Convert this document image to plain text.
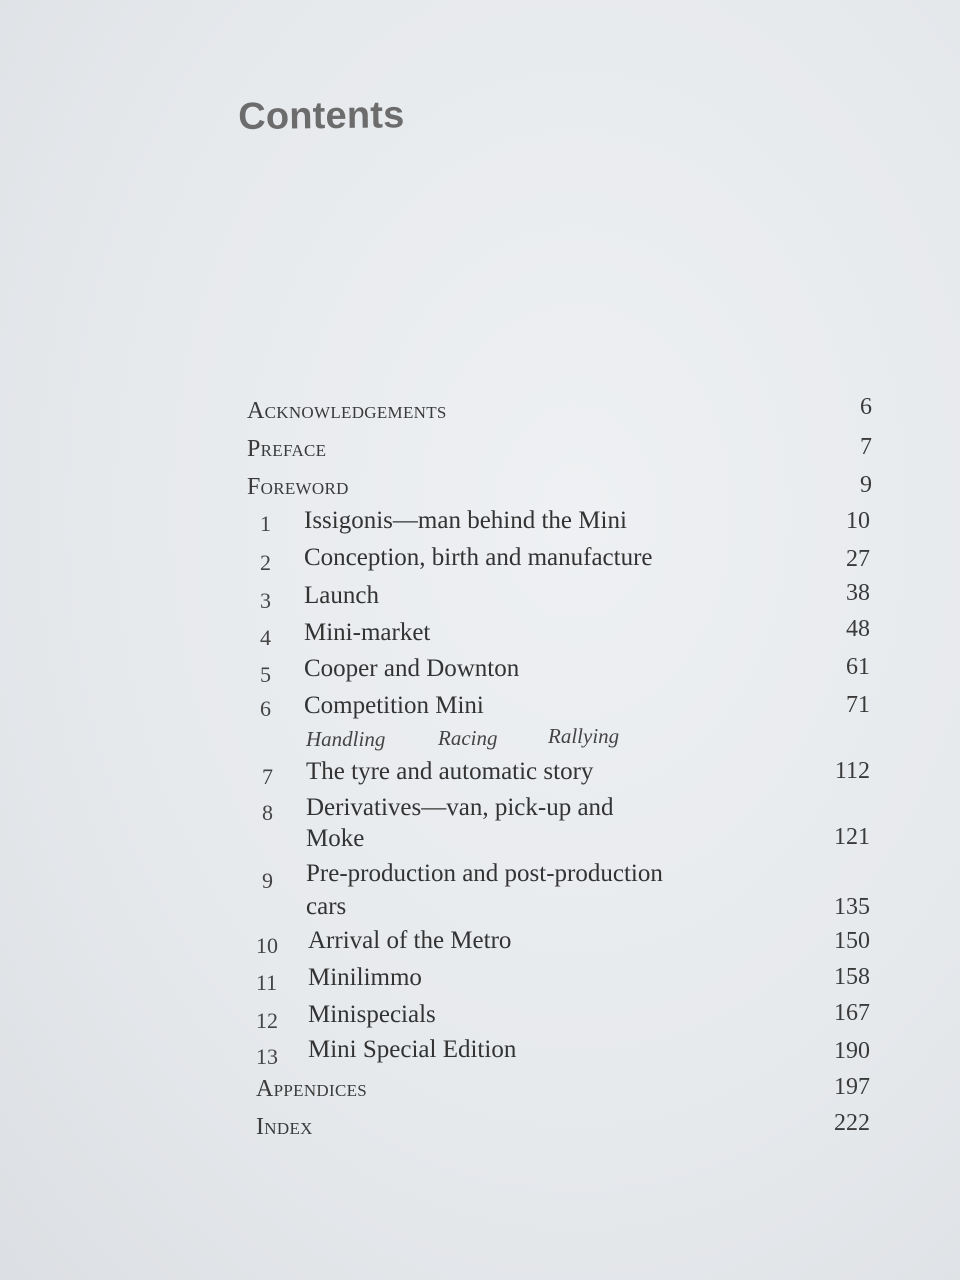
Contents
Acknowledgements	6
Preface	7
Foreword	9
1 Issigonis—man behind the Mini	10
2 Conception, birth and manufacture	27
3 Launch	38
4 Mini-market	48
5 Cooper and Downton	61
6 Competition Mini	71
Handling	Racing Rallying
7 The tyre and automatic story	112
8 Derivatives—van, pick-up and
Moke	121
9 Pre-production and post-production
cars	135
10 Arrival of the Metro	150
11 Minilimmo	158
12 Minispecials	167
13 Mini Special Edition	190
Appendices	197
Index	222
